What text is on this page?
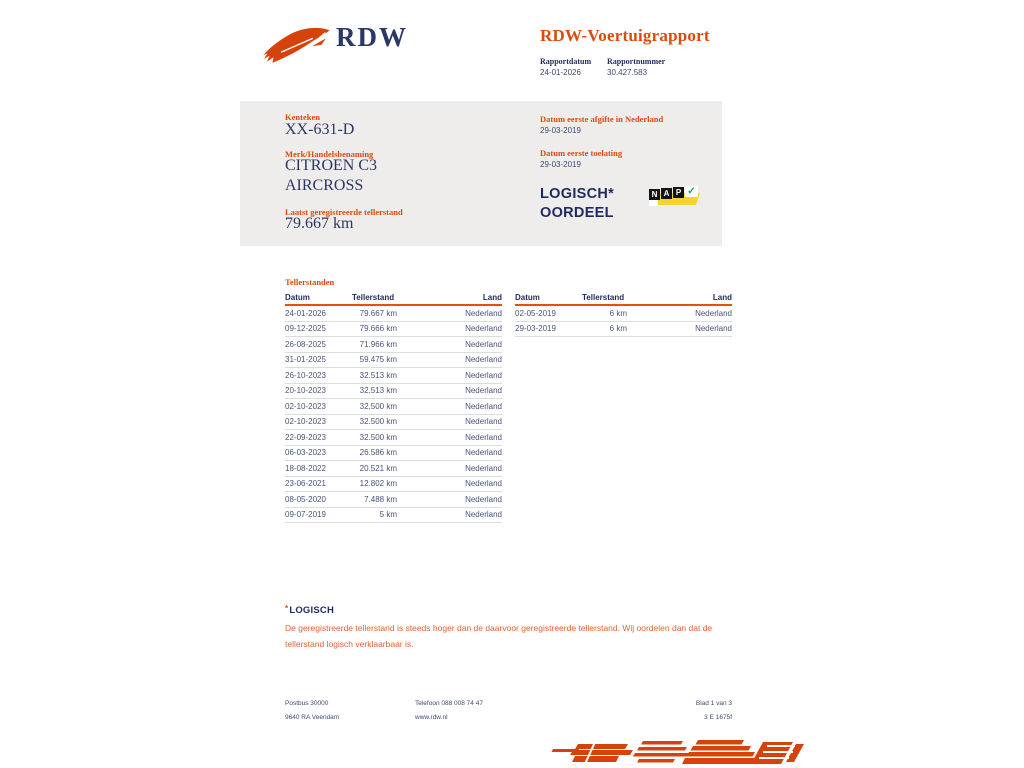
RDW	RDW-Voertuigrapport
Rapportdatum Rapportnummer
24-01-2026	30.427.583
Kenteken
XX-631-D
Merk/Handelsbenaming
CITROEN C3
AIRCROSS
Laatst geregistreerde tellerstand
79.667 km
Datum eerste afgifte in Nederland
29-03-2019
Datum eerste toelating
29-03-2019
LOGISCH*
OORDEEL
N A P ✓
Tellerstanden
Datum	Tellerstand	Land
24-01-2026	79.667 km	Nederland
09-12-2025	79.666 km	Nederland
26-08-2025	71.966 km	Nederland
31-01-2025	59.475 km	Nederland
26-10-2023	32.513 km	Nederland
20-10-2023	32.513 km	Nederland
02-10-2023	32.500 km	Nederland
02-10-2023	32.500 km	Nederland
22-09-2023	32.500 km	Nederland
06-03-2023	26.586 km	Nederland
18-08-2022	20.521 km	Nederland
23-06-2021	12.802 km	Nederland
08-05-2020	7.488 km	Nederland
09-07-2019	5 km	Nederland
Datum	Tellerstand	Land
02-05-2019	6 km	Nederland
29-03-2019	6 km	Nederland
*LOGISCH
De geregistreerde tellerstand is steeds hoger dan de daarvoor geregistreerde tellerstand. Wij oordelen dan dat de tellerstand logisch verklaarbaar is.
Postbus 30000
9640 RA Veendam
Telefoon 088 008 74 47
www.rdw.nl
Blad 1 van 3
3 E 1675f
